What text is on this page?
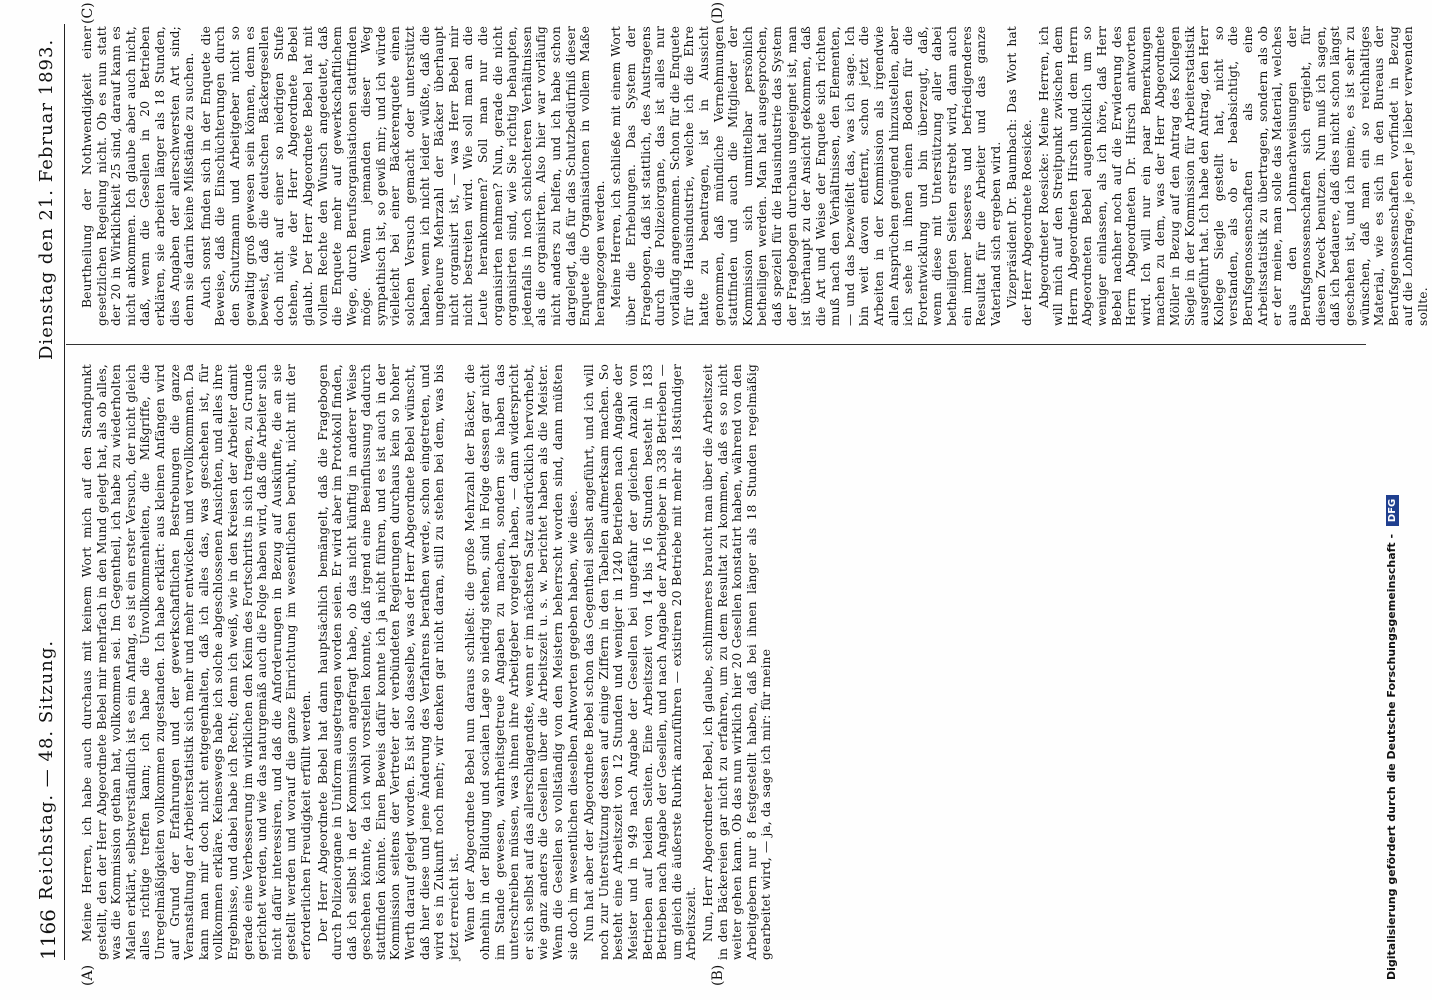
1166
Reichstag. — 48. Sitzung.
Dienstag den 21. Februar 1893.
(A)	(B)
(C)	(D)

Meine Herren, ich habe auch durchaus mit keinem Wort mich auf den Standpunkt gestellt, den der Herr Abgeordnete Bebel mir mehrfach in den Mund gelegt hat, als ob alles, was die Kommission gethan hat, vollkommen sei. Im Gegentheil, ich habe zu wiederholten Malen erklärt, selbstverständlich ist es ein Anfang, es ist ein erster Versuch, der nicht gleich alles richtige treffen kann; ich habe die Unvollkommenheiten, die Mißgriffe, die Unregelmäßigkeiten vollkommen zugestanden. Ich habe erklärt: aus kleinen Anfängen wird auf Grund der Erfahrungen und der gewerkschaftlichen Bestrebungen die ganze Veranstaltung der Arbeiterstatistik sich mehr und mehr entwickeln und vervollkommnen. Da kann man mir doch nicht entgegenhalten, daß ich alles das, was geschehen ist, für vollkommen erkläre. Keineswegs habe ich solche abgeschlossenen Ansichten, und alles ihre Ergebnisse, und dabei habe ich Recht; denn ich weiß, wie in den Kreisen der Arbeiter damit gerade eine Verbesserung im wirklichen den Keim des Fortschritts in sich tragen, zu Grunde gerichtet werden, und wie das naturgemäß auch die Folge haben wird, daß die Arbeiter sich nicht dafür interessiren, und daß die Anforderungen in Bezug auf Auskünfte, die an sie gestellt werden und worauf die ganze Einrichtung im wesentlichen beruht, nicht mit der erforderlichen Freudigkeit erfüllt werden. Der Herr Abgeordnete Bebel hat dann hauptsächlich bemängelt, daß die Fragebogen durch Polizeiorgane in Uniform ausgetragen worden seien. Er wird aber im Protokoll finden, daß ich selbst in der Kommission angefragt habe, ob das nicht künftig in anderer Weise geschehen könnte, da ich wohl vorstellen konnte, daß irgend eine Beeinflussung dadurch stattfinden könnte. Einen Beweis dafür konnte ich ja nicht führen, und es ist auch in der Kommission seitens der Vertreter der verbündeten Regierungen durchaus kein so hoher Werth darauf gelegt worden. Es ist also dasselbe, was der Herr Abgeordnete Bebel wünscht, daß hier diese und jene Änderung des Verfahrens berathen werde, schon eingetreten, und wird es in Zukunft noch mehr; wir denken gar nicht daran, still zu stehen bei dem, was bis jetzt erreicht ist. Wenn der Abgeordnete Bebel nun daraus schließt: die große Mehrzahl der Bäcker, die ohnehin in der Bildung und socialen Lage so niedrig stehen, sind in Folge dessen gar nicht im Stande gewesen, wahrheitsgetreue Angaben zu machen, sondern sie haben das unterschreiben müssen, was ihnen ihre Arbeitgeber vorgelegt haben, — dann widerspricht er sich selbst auf das allerschlagendste, wenn er im nächsten Satz ausdrücklich hervorhebt, wie ganz anders die Gesellen über die Arbeitszeit u. s. w. berichtet haben als die Meister. Wenn die Gesellen so vollständig von den Meistern beherrscht worden sind, dann müßten sie doch im wesentlichen dieselben Antworten gegeben haben, wie diese. Nun hat aber der Abgeordnete Bebel schon das Gegentheil selbst angeführt, und ich will noch zur Unterstützung dessen auf einige Ziffern in den Tabellen aufmerksam machen. So besteht eine Arbeitszeit von 12 Stunden und weniger in 1240 Betrieben nach Angabe der Meister und in 949 nach Angabe der Gesellen bei ungefähr der gleichen Anzahl von Betrieben auf beiden Seiten. Eine Arbeitszeit von 14 bis 16 Stunden besteht in 183 Betrieben nach Angabe der Gesellen, und nach Angabe der Arbeitgeber in 338 Betrieben — um gleich die äußerste Rubrik anzuführen — existiren 20 Betriebe mit mehr als 18stündiger Arbeitszeit. Nun, Herr Abgeordneter Bebel, ich glaube, schlimmeres braucht man über die Arbeitszeit in den Bäckereien gar nicht zu erfahren, um zu dem Resultat zu kommen, daß es so nicht weiter gehen kann. Ob das nun wirklich hier 20 Gesellen konstatirt haben, während von den Arbeitgebern nur 8 festgestellt haben, daß bei ihnen länger als 18 Stunden regelmäßig gearbeitet wird, — ja, da sage ich mir: für meine

Beurtheilung der Nothwendigkeit einer gesetzlichen Regelung nicht. Ob es nun statt der 20 in Wirklichkeit 25 sind, darauf kann es nicht ankommen. Ich glaube aber auch nicht, daß, wenn die Gesellen in 20 Betrieben erklären, sie arbeiten länger als 18 Stunden, dies Angaben der allerschwersten Art sind; denn sie darin keine Mißstände zu suchen. Auch sonst finden sich in der Enquete die Beweise, daß die Einschüchterungen durch den Schutzmann und Arbeitgeber nicht so gewaltig groß gewesen sein können, denn es beweist, daß die deutschen Bäckergesellen doch nicht auf einer so niedrigen Stufe stehen, wie der Herr Abgeordnete Bebel glaubt. Der Herr Abgeordnete Bebel hat mit vollem Rechte den Wunsch angedeutet, daß die Enquete mehr auf gewerkschaftlichem Wege, durch Berufsorganisationen stattfinden möge. Wenn jemanden dieser Weg sympathisch ist, so gewiß mir; und ich würde vielleicht bei einer Bäckerenquete einen solchen Versuch gemacht oder unterstützt haben, wenn ich nicht leider wüßte, daß die ungeheure Mehrzahl der Bäcker überhaupt nicht organisirt ist, — was Herr Bebel mir nicht bestreiten wird. Wie soll man an die Leute herankommen? Soll man nur die organisirten nehmen? Nun, gerade die nicht organisirten sind, wie Sie richtig behaupten, jedenfalls in noch schlechteren Verhältnissen als die organisirten. Also hier war vorläufig nicht anders zu helfen, und ich habe schon dargelegt, daß für das Schutzbedürfniß dieser Enquete die Organisationen in vollem Maße herangezogen werden. Meine Herren, ich schließe mit einem Wort über die Erhebungen. Das System der Fragebogen, daß ist stattlich, des Austragens durch die Polizeiorgane, das ist alles nur vorläufig angenommen. Schon für die Enquete für die Hausindustrie, welche ich die Ehre hatte zu beantragen, ist in Aussicht genommen, daß mündliche Vernehmungen stattfinden und auch die Mitglieder der Kommission sich unmittelbar persönlich betheiligen werden. Man hat ausgesprochen, daß speziell für die Hausindustrie das System der Fragebogen durchaus ungeeignet ist, man ist überhaupt zu der Ansicht gekommen, daß die Art und Weise der Enquete sich richten muß nach den Verhältnissen, den Elementen, — und das bezweifelt das, was ich sage. Ich bin weit davon entfernt, schon jetzt die Arbeiten in der Kommission als irgendwie allen Ansprüchen genügend hinzustellen, aber ich sehe in ihnen einen Boden für die Fortentwicklung und bin überzeugt, daß, wenn diese mit Unterstützung aller dabei betheiligten Seiten erstrebt wird, dann auch ein immer besseres und befriedigenderes Resultat für die Arbeiter und das ganze Vaterland sich ergeben wird. Vizepräsident Dr. Baumbach: Das Wort hat der Herr Abgeordnete Roesicke. Abgeordneter Roesicke: Meine Herren, ich will mich auf den Streitpunkt zwischen dem Herrn Abgeordneten Hirsch und dem Herrn Abgeordneten Bebel augenblicklich um so weniger einlassen, als ich höre, daß Herr Bebel nachher noch auf die Erwiderung des Herrn Abgeordneten Dr. Hirsch antworten wird. Ich will nur ein paar Bemerkungen machen zu dem, was der Herr Abgeordnete Möller in Bezug auf den Antrag des Kollegen Siegle in der Kommission für Arbeiterstatistik ausgeführt hat. Ich habe den Antrag, den Herr Kollege Siegle gestellt hat, nicht so verstanden, als ob er beabsichtigt, die Berufsgenossenschaften als eine Arbeitsstatistik zu übertragen, sondern als ob er der meine, man solle das Material, welches aus den Lohnnachweisungen der Berufsgenossenschaften sich ergiebt, für diesen Zweck benutzen. Nun muß ich sagen, daß ich bedauere, daß dies nicht schon längst geschehen ist, und ich meine, es ist sehr zu wünschen, daß man ein so reichhaltiges Material, wie es sich in den Bureaus der Berufsgenossenschaften vorfindet in Bezug auf die Lohnfrage, je eher je lieber verwenden sollte.

Digitalisierung gefördert durch die Deutsche Forschungsgemeinschaft - DFG
